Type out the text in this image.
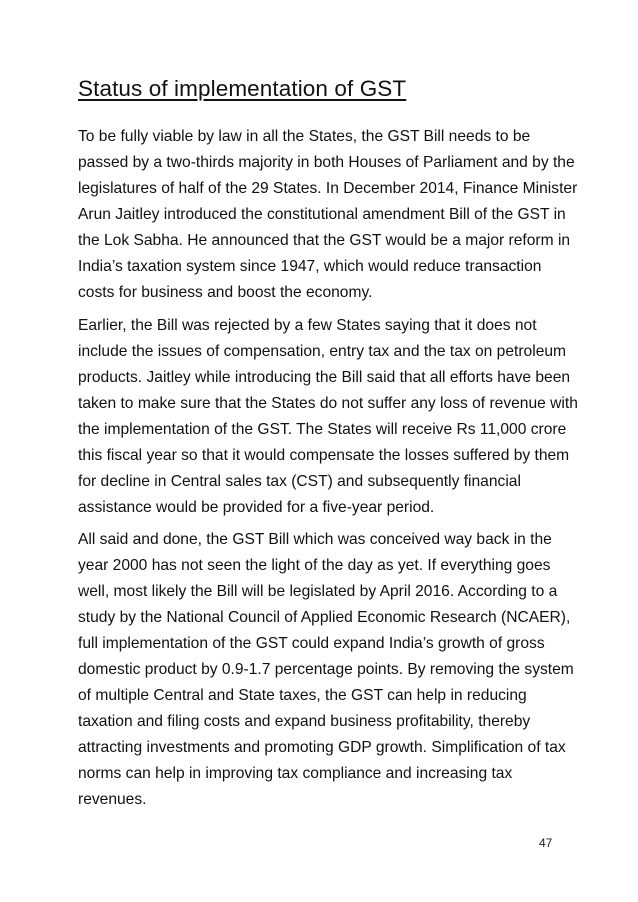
Status of implementation of GST

To be fully viable by law in all the States, the GST Bill needs to be
passed by a two-thirds majority in both Houses of Parliament and by the
legislatures of half of the 29 States. In December 2014, Finance Minister
Arun Jaitley introduced the constitutional amendment Bill of the GST in
the Lok Sabha. He announced that the GST would be a major reform in
India’s taxation system since 1947, which would reduce transaction
costs for business and boost the economy.

Earlier, the Bill was rejected by a few States saying that it does not
include the issues of compensation, entry tax and the tax on petroleum
products. Jaitley while introducing the Bill said that all efforts have been
taken to make sure that the States do not suffer any loss of revenue with
the implementation of the GST. The States will receive Rs 11,000 crore
this fiscal year so that it would compensate the losses suffered by them
for decline in Central sales tax (CST) and subsequently financial
assistance would be provided for a five-year period.

All said and done, the GST Bill which was conceived way back in the
year 2000 has not seen the light of the day as yet. If everything goes
well, most likely the Bill will be legislated by April 2016. According to a
study by the National Council of Applied Economic Research (NCAER),
full implementation of the GST could expand India’s growth of gross
domestic product by 0.9-1.7 percentage points. By removing the system
of multiple Central and State taxes, the GST can help in reducing
taxation and filing costs and expand business profitability, thereby
attracting investments and promoting GDP growth. Simplification of tax
norms can help in improving tax compliance and increasing tax
revenues.

47
